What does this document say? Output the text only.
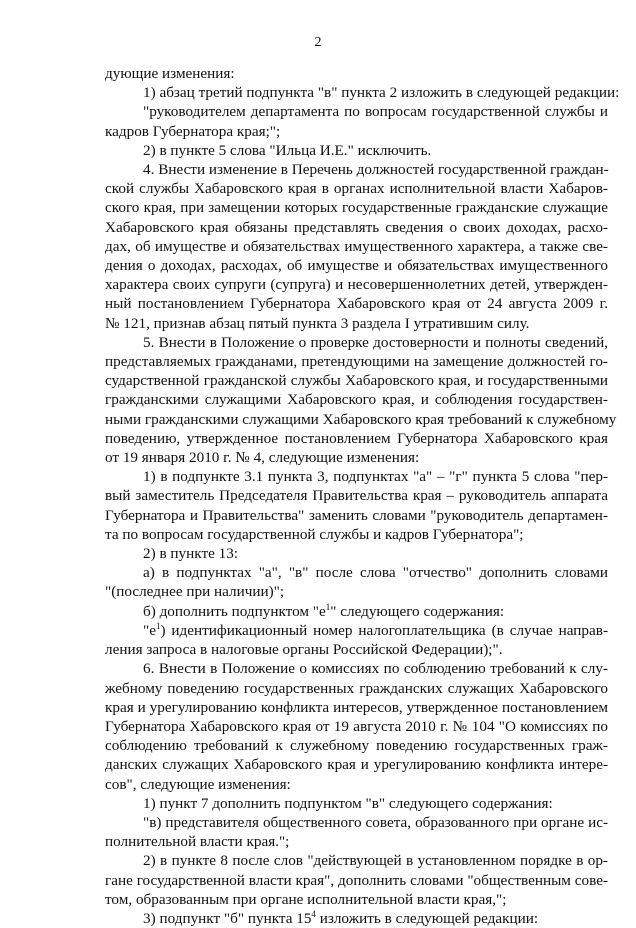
2
дующие изменения:
1) абзац третий подпункта "в" пункта 2 изложить в следующей редакции:
"руководителем департамента по вопросам государственной службы и
кадров Губернатора края;";
2) в пункте 5 слова "Ильца И.Е." исключить.
4. Внести изменение в Перечень должностей государственной граждан-
ской службы Хабаровского края в органах исполнительной власти Хабаров-
ского края, при замещении которых государственные гражданские служащие
Хабаровского края обязаны представлять сведения о своих доходах, расхо-
дах, об имуществе и обязательствах имущественного характера, а также све-
дения о доходах, расходах, об имуществе и обязательствах имущественного
характера своих супруги (супруга) и несовершеннолетних детей, утвержден-
ный постановлением Губернатора Хабаровского края от 24 августа 2009 г.
№ 121, признав абзац пятый пункта 3 раздела I утратившим силу.
5. Внести в Положение о проверке достоверности и полноты сведений,
представляемых гражданами, претендующими на замещение должностей го-
сударственной гражданской службы Хабаровского края, и государственными
гражданскими служащими Хабаровского края, и соблюдения государствен-
ными гражданскими служащими Хабаровского края требований к служебному
поведению, утвержденное постановлением Губернатора Хабаровского края
от 19 января 2010 г. № 4, следующие изменения:
1) в подпункте 3.1 пункта 3, подпунктах "а" – "г" пункта 5 слова "пер-
вый заместитель Председателя Правительства края – руководитель аппарата
Губернатора и Правительства" заменить словами "руководитель департамен-
та по вопросам государственной службы и кадров Губернатора";
2) в пункте 13:
а) в подпунктах "а", "в" после слова "отчество" дополнить словами
"(последнее при наличии)";
б) дополнить подпунктом "$е^1$" следующего содержания:
"$е^1$) идентификационный номер налогоплательщика (в случае направ-
ления запроса в налоговые органы Российской Федерации);".
6. Внести в Положение о комиссиях по соблюдению требований к слу-
жебному поведению государственных гражданских служащих Хабаровского
края и урегулированию конфликта интересов, утвержденное постановлением
Губернатора Хабаровского края от 19 августа 2010 г. № 104 "О комиссиях по
соблюдению требований к служебному поведению государственных граж-
данских служащих Хабаровского края и урегулированию конфликта интере-
сов", следующие изменения:
1) пункт 7 дополнить подпунктом "в" следующего содержания:
"в) представителя общественного совета, образованного при органе ис-
полнительной власти края.";
2) в пункте 8 после слов "действующей в установленном порядке в ор-
гане государственной власти края", дополнить словами "общественным сове-
том, образованным при органе исполнительной власти края,";
3) подпункт "б" пункта $15^4$ изложить в следующей редакции:
